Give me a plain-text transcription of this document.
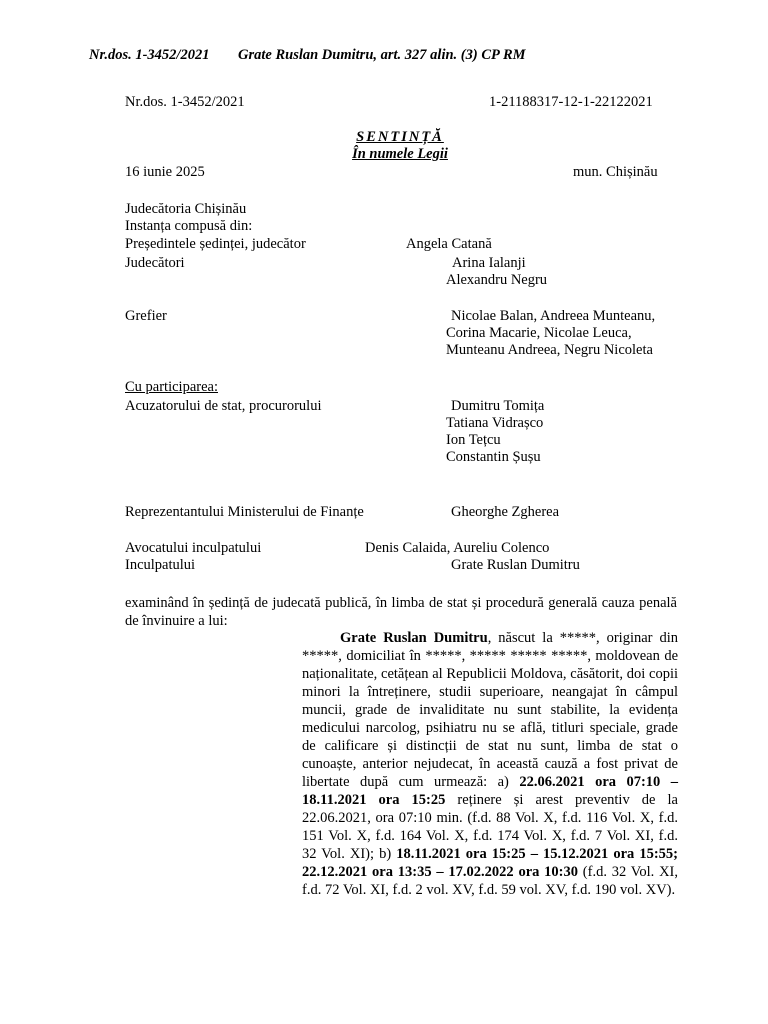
Nr.dos. 1-3452/2021 Grate Ruslan Dumitru, art. 327 alin. (3) CP RM
Nr.dos. 1-3452/2021	1-21188317-12-1-22122021
SENTINȚĂ
În numele Legii
16 iunie 2025	mun. Chișinău
Judecătoria Chișinău
Instanța compusă din:
Președintele ședinței, judecător	Angela Catană
Judecători	Arina Ialanji
Alexandru Negru
Grefier	Nicolae Balan, Andreea Munteanu,
Corina Macarie, Nicolae Leuca,
Munteanu Andreea, Negru Nicoleta
Cu participarea:
Acuzatorului de stat, procurorului	Dumitru Tomița
Tatiana Vidrașco
Ion Tețcu
Constantin Șușu
Reprezentantului Ministerului de Finanțe	Gheorghe Zgherea
Avocatului inculpatului	Denis Calaida, Aureliu Colenco
Inculpatului	Grate Ruslan Dumitru
examinând în ședință de judecată publică, în limba de stat și procedură generală cauza penală de învinuire a lui:
Grate Ruslan Dumitru, născut la *****, originar din *****, domiciliat în *****, ***** ***** *****, moldovean de naționalitate, cetățean al Republicii Moldova, căsătorit, doi copii minori la întreținere, studii superioare, neangajat în câmpul muncii, grade de invaliditate nu sunt stabilite, la evidența medicului narcolog, psihiatru nu se află, titluri speciale, grade de calificare și distincții de stat nu sunt, limba de stat o cunoaște, anterior nejudecat, în această cauză a fost privat de libertate după cum urmează: a) 22.06.2021 ora 07:10 – 18.11.2021 ora 15:25 reținere și arest preventiv de la 22.06.2021, ora 07:10 min. (f.d. 88 Vol. X, f.d. 116 Vol. X, f.d. 151 Vol. X, f.d. 164 Vol. X, f.d. 174 Vol. X, f.d. 7 Vol. XI, f.d. 32 Vol. XI); b) 18.11.2021 ora 15:25 – 15.12.2021 ora 15:55; 22.12.2021 ora 13:35 – 17.02.2022 ora 10:30 (f.d. 32 Vol. XI, f.d. 72 Vol. XI, f.d. 2 vol. XV, f.d. 59 vol. XV, f.d. 190 vol. XV).
